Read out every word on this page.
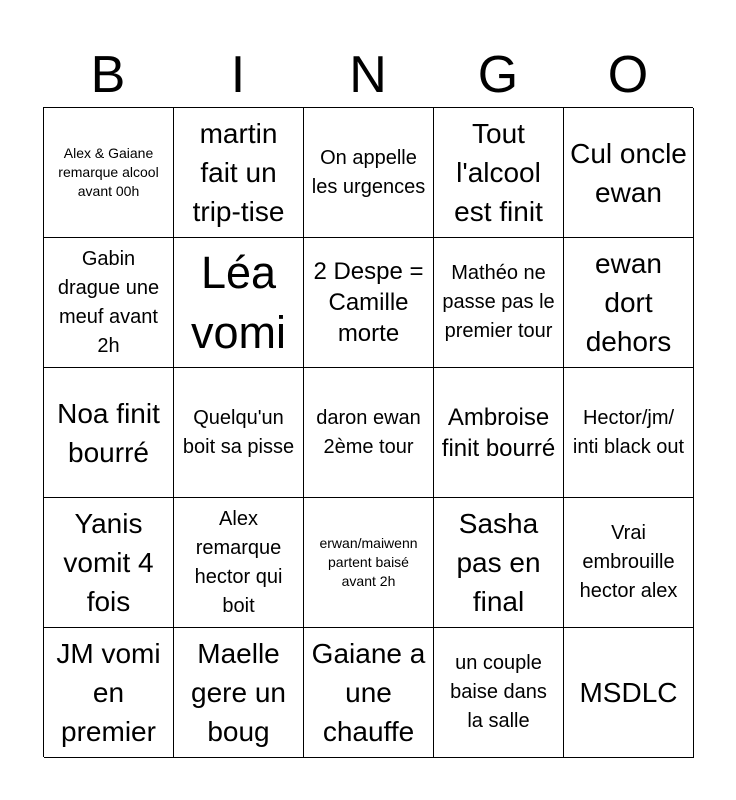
B	I	N	G	O
Alex & Gaiane remarque alcool avant 00h
martin fait un trip-tise
On appelle les urgences
Tout l'alcool est finit
Cul oncle ewan
Gabin drague une meuf avant 2h
Léa vomi
2 Despe = Camille morte
Mathéo ne passe pas le premier tour
ewan dort dehors
Noa finit bourré
Quelqu'un boit sa pisse
daron ewan 2ème tour
Ambroise finit bourré
Hector/jm/ inti black out
Yanis vomit 4 fois
Alex remarque hector qui boit
erwan/maiwenn partent baisé avant 2h
Sasha pas en final
Vrai embrouille hector alex
JM vomi en premier
Maelle gere un boug
Gaiane a une chauffe
un couple baise dans la salle
MSDLC
